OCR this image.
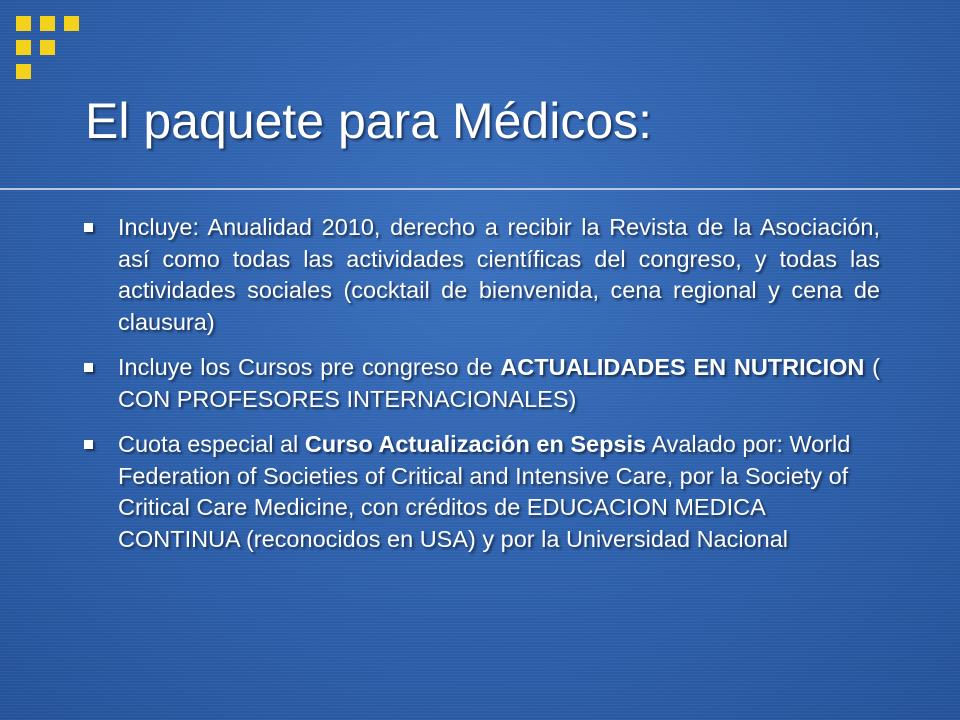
El paquete para Médicos:
Incluye: Anualidad 2010, derecho a recibir la Revista de la Asociación, así como todas las actividades científicas del congreso, y todas las actividades sociales (cocktail de bienvenida, cena regional y cena de clausura)
Incluye los Cursos pre congreso de ACTUALIDADES EN NUTRICION ( CON PROFESORES INTERNACIONALES)
Cuota especial al Curso Actualización en Sepsis Avalado por: World Federation of Societies of Critical and Intensive Care, por la Society of Critical Care Medicine, con créditos de EDUCACION MEDICA CONTINUA (reconocidos en USA) y por la Universidad Nacional
